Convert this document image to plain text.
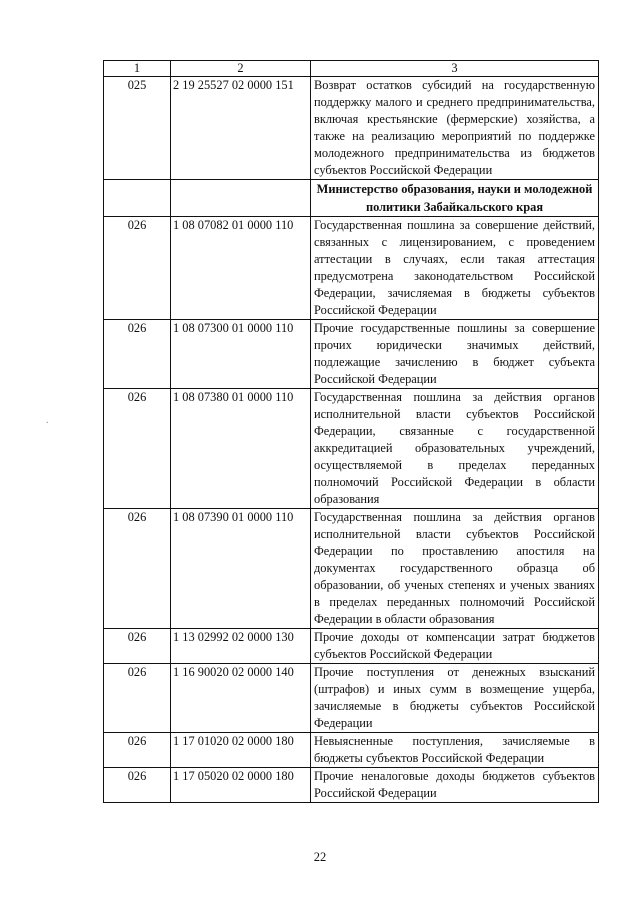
1	2	3
025	2 19 25527 02 0000 151	Возврат остатков субсидий на государственную поддержку малого и среднего предпринимательства, включая крестьянские (фермерские) хозяйства, а также на реализацию мероприятий по поддержке молодежного предпринимательства из бюджетов субъектов Российской Федерации
		Министерство образования, науки и молодежной политики Забайкальского края
026	1 08 07082 01 0000 110	Государственная пошлина за совершение действий, связанных с лицензированием, с проведением аттестации в случаях, если такая аттестация предусмотрена законодательством Российской Федерации, зачисляемая в бюджеты субъектов Российской Федерации
026	1 08 07300 01 0000 110	Прочие государственные пошлины за совершение прочих юридически значимых действий, подлежащие зачислению в бюджет субъекта Российской Федерации
026	1 08 07380 01 0000 110	Государственная пошлина за действия органов исполнительной власти субъектов Российской Федерации, связанные с государственной аккредитацией образовательных учреждений, осуществляемой в пределах переданных полномочий Российской Федерации в области образования
026	1 08 07390 01 0000 110	Государственная пошлина за действия органов исполнительной власти субъектов Российской Федерации по проставлению апостиля на документах государственного образца об образовании, об ученых степенях и ученых званиях в пределах переданных полномочий Российской Федерации в области образования
026	1 13 02992 02 0000 130	Прочие доходы от компенсации затрат бюджетов субъектов Российской Федерации
026	1 16 90020 02 0000 140	Прочие поступления от денежных взысканий (штрафов) и иных сумм в возмещение ущерба, зачисляемые в бюджеты субъектов Российской Федерации
026	1 17 01020 02 0000 180	Невыясненные поступления, зачисляемые в бюджеты субъектов Российской Федерации
026	1 17 05020 02 0000 180	Прочие неналоговые доходы бюджетов субъектов Российской Федерации
.
22
